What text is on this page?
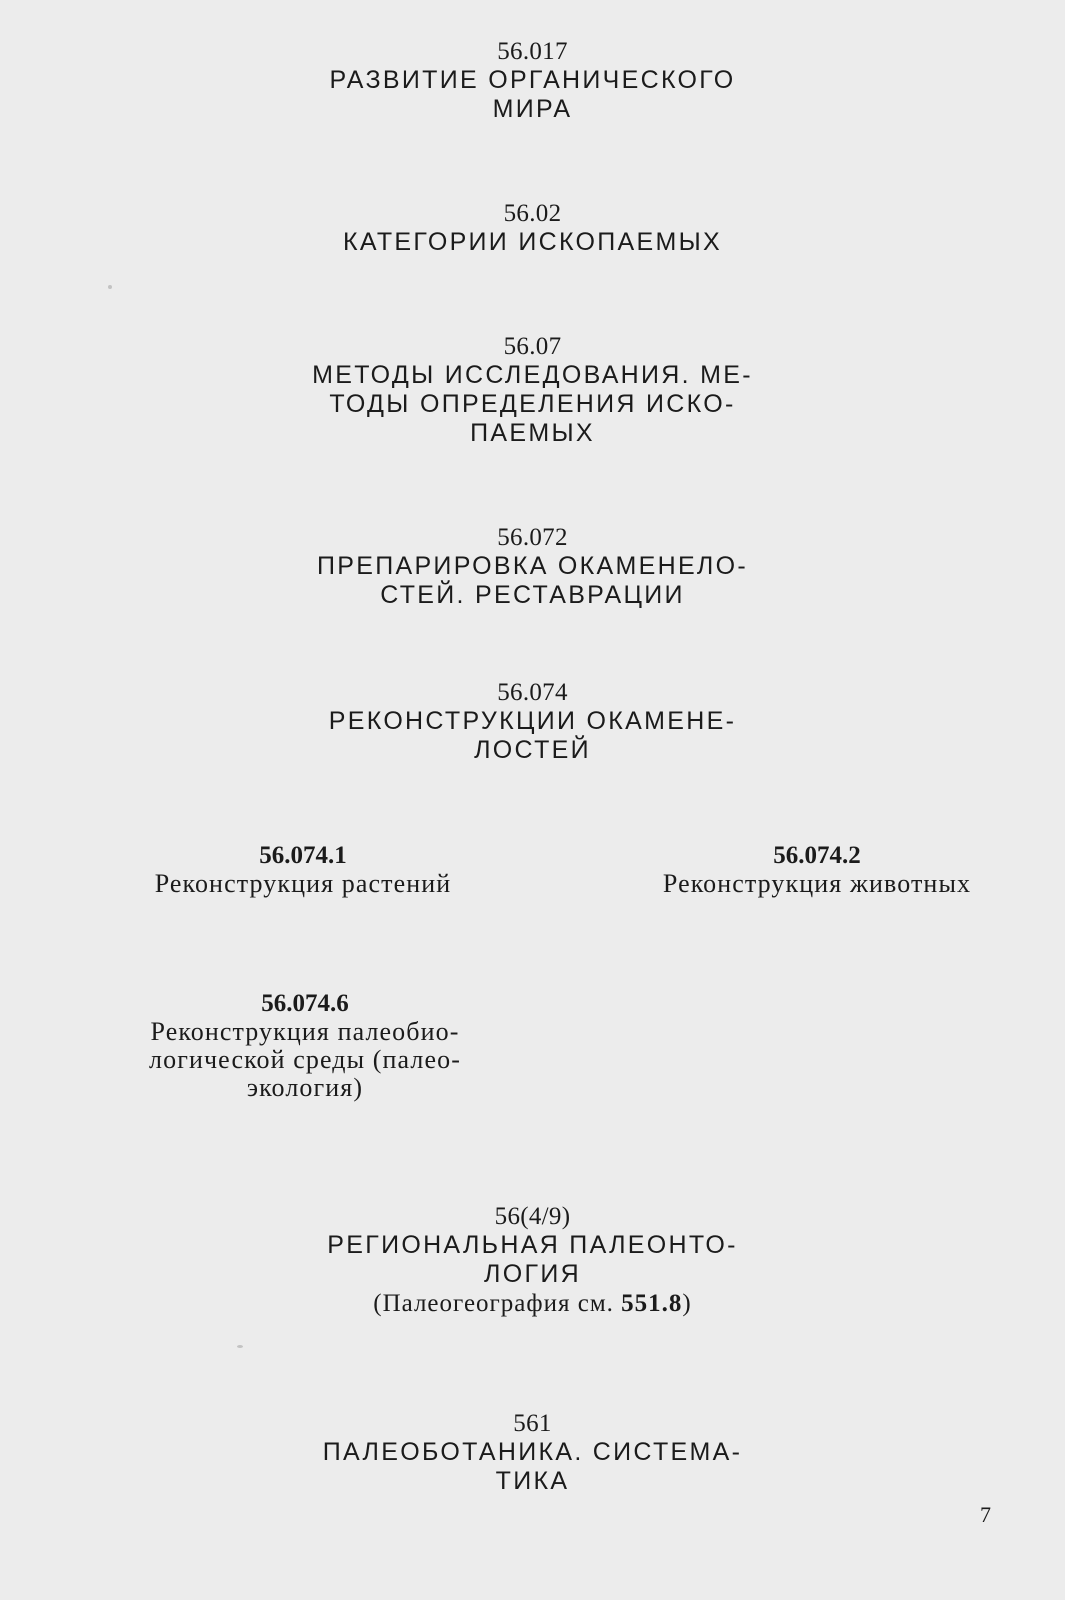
56.017
РАЗВИТИЕ ОРГАНИЧЕСКОГО
МИРА
56.02
КАТЕГОРИИ ИСКОПАЕМЫХ
56.07
МЕТОДЫ ИССЛЕДОВАНИЯ. МЕ-
ТОДЫ ОПРЕДЕЛЕНИЯ ИСКО-
ПАЕМЫХ
56.072
ПРЕПАРИРОВКА ОКАМЕНЕЛО-
СТЕЙ. РЕСТАВРАЦИИ
56.074
РЕКОНСТРУКЦИИ ОКАМЕНЕ-
ЛОСТЕЙ
56.074.1
Реконструкция растений
56.074.2
Реконструкция животных
56.074.6
Реконструкция палеобио-
логической среды (палео-
экология)
56(4/9)
РЕГИОНАЛЬНАЯ ПАЛЕОНТО-
ЛОГИЯ
(Палеогеография см. 551.8)
561
ПАЛЕОБОТАНИКА. СИСТЕМА-
ТИКА
7
